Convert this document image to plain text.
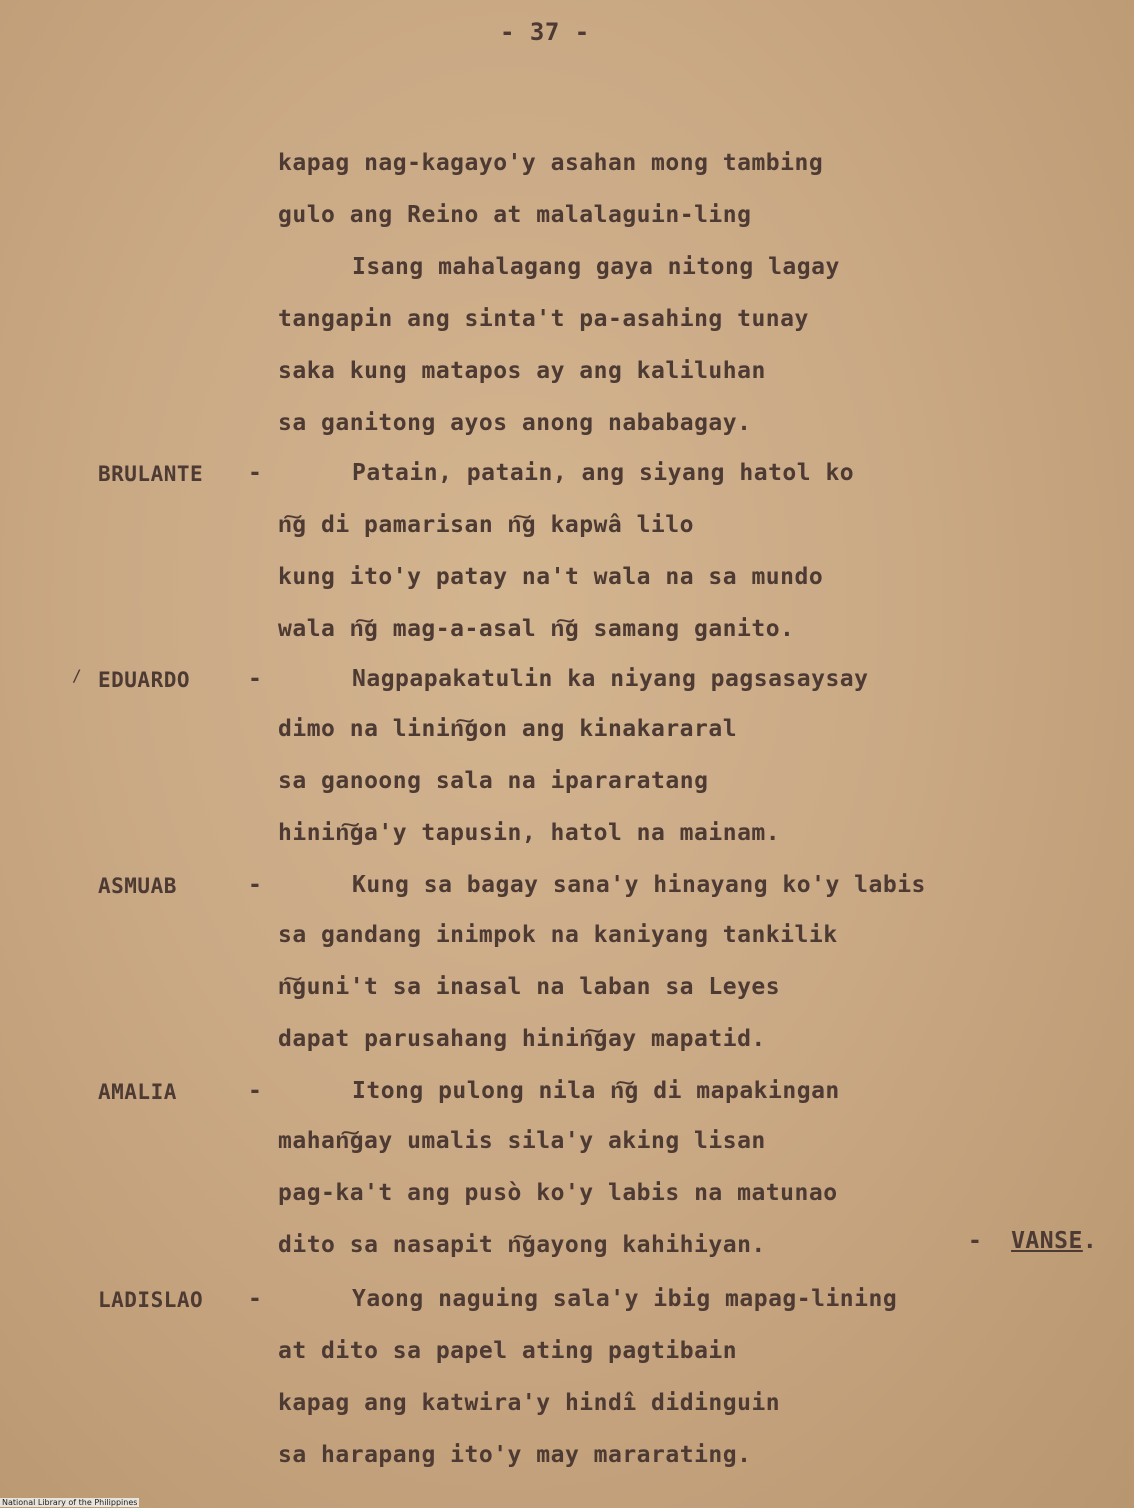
- 37 -
kapag nag-kagayo'y asahan mong tambing
gulo ang Reino at malalaguin-ling
Isang mahalagang gaya nitong lagay
tangapin ang sinta't pa-asahing tunay
saka kung matapos ay ang kaliluhan
sa ganitong ayos anong nababagay.
BRULANTE -	Patain, patain, ang siyang hatol ko
n͠g di pamarisan n͠g kapwâ lilo
kung ito'y patay na't wala na sa mundo
wala n͠g mag-a-asal n͠g samang ganito.
/ EDUARDO	-	Nagpapakatulin ka niyang pagsasaysay
dimo na linin͠gon ang kinakararal
sa ganoong sala na ipararatang
hinin͠ga'y tapusin, hatol na mainam.
ASMUAB	-	Kung sa bagay sana'y hinayang ko'y labis
sa gandang inimpok na kaniyang tankilik
n͠guni't sa inasal na laban sa Leyes
dapat parusahang hinin͠gay mapatid.
AMALIA	-	Itong pulong nila n͠g di mapakingan
mahan͠gay umalis sila'y aking lisan
pag-ka't ang pusò ko'y labis na matunao
dito sa nasapit n͠gayong kahihiyan.	- VANSE.
LADISLAO -	Yaong naguing sala'y ibig mapag-lining
at dito sa papel ating pagtibain
kapag ang katwira'y hindî didinguin
sa harapang ito'y may mararating.
National Library of the Philippines
